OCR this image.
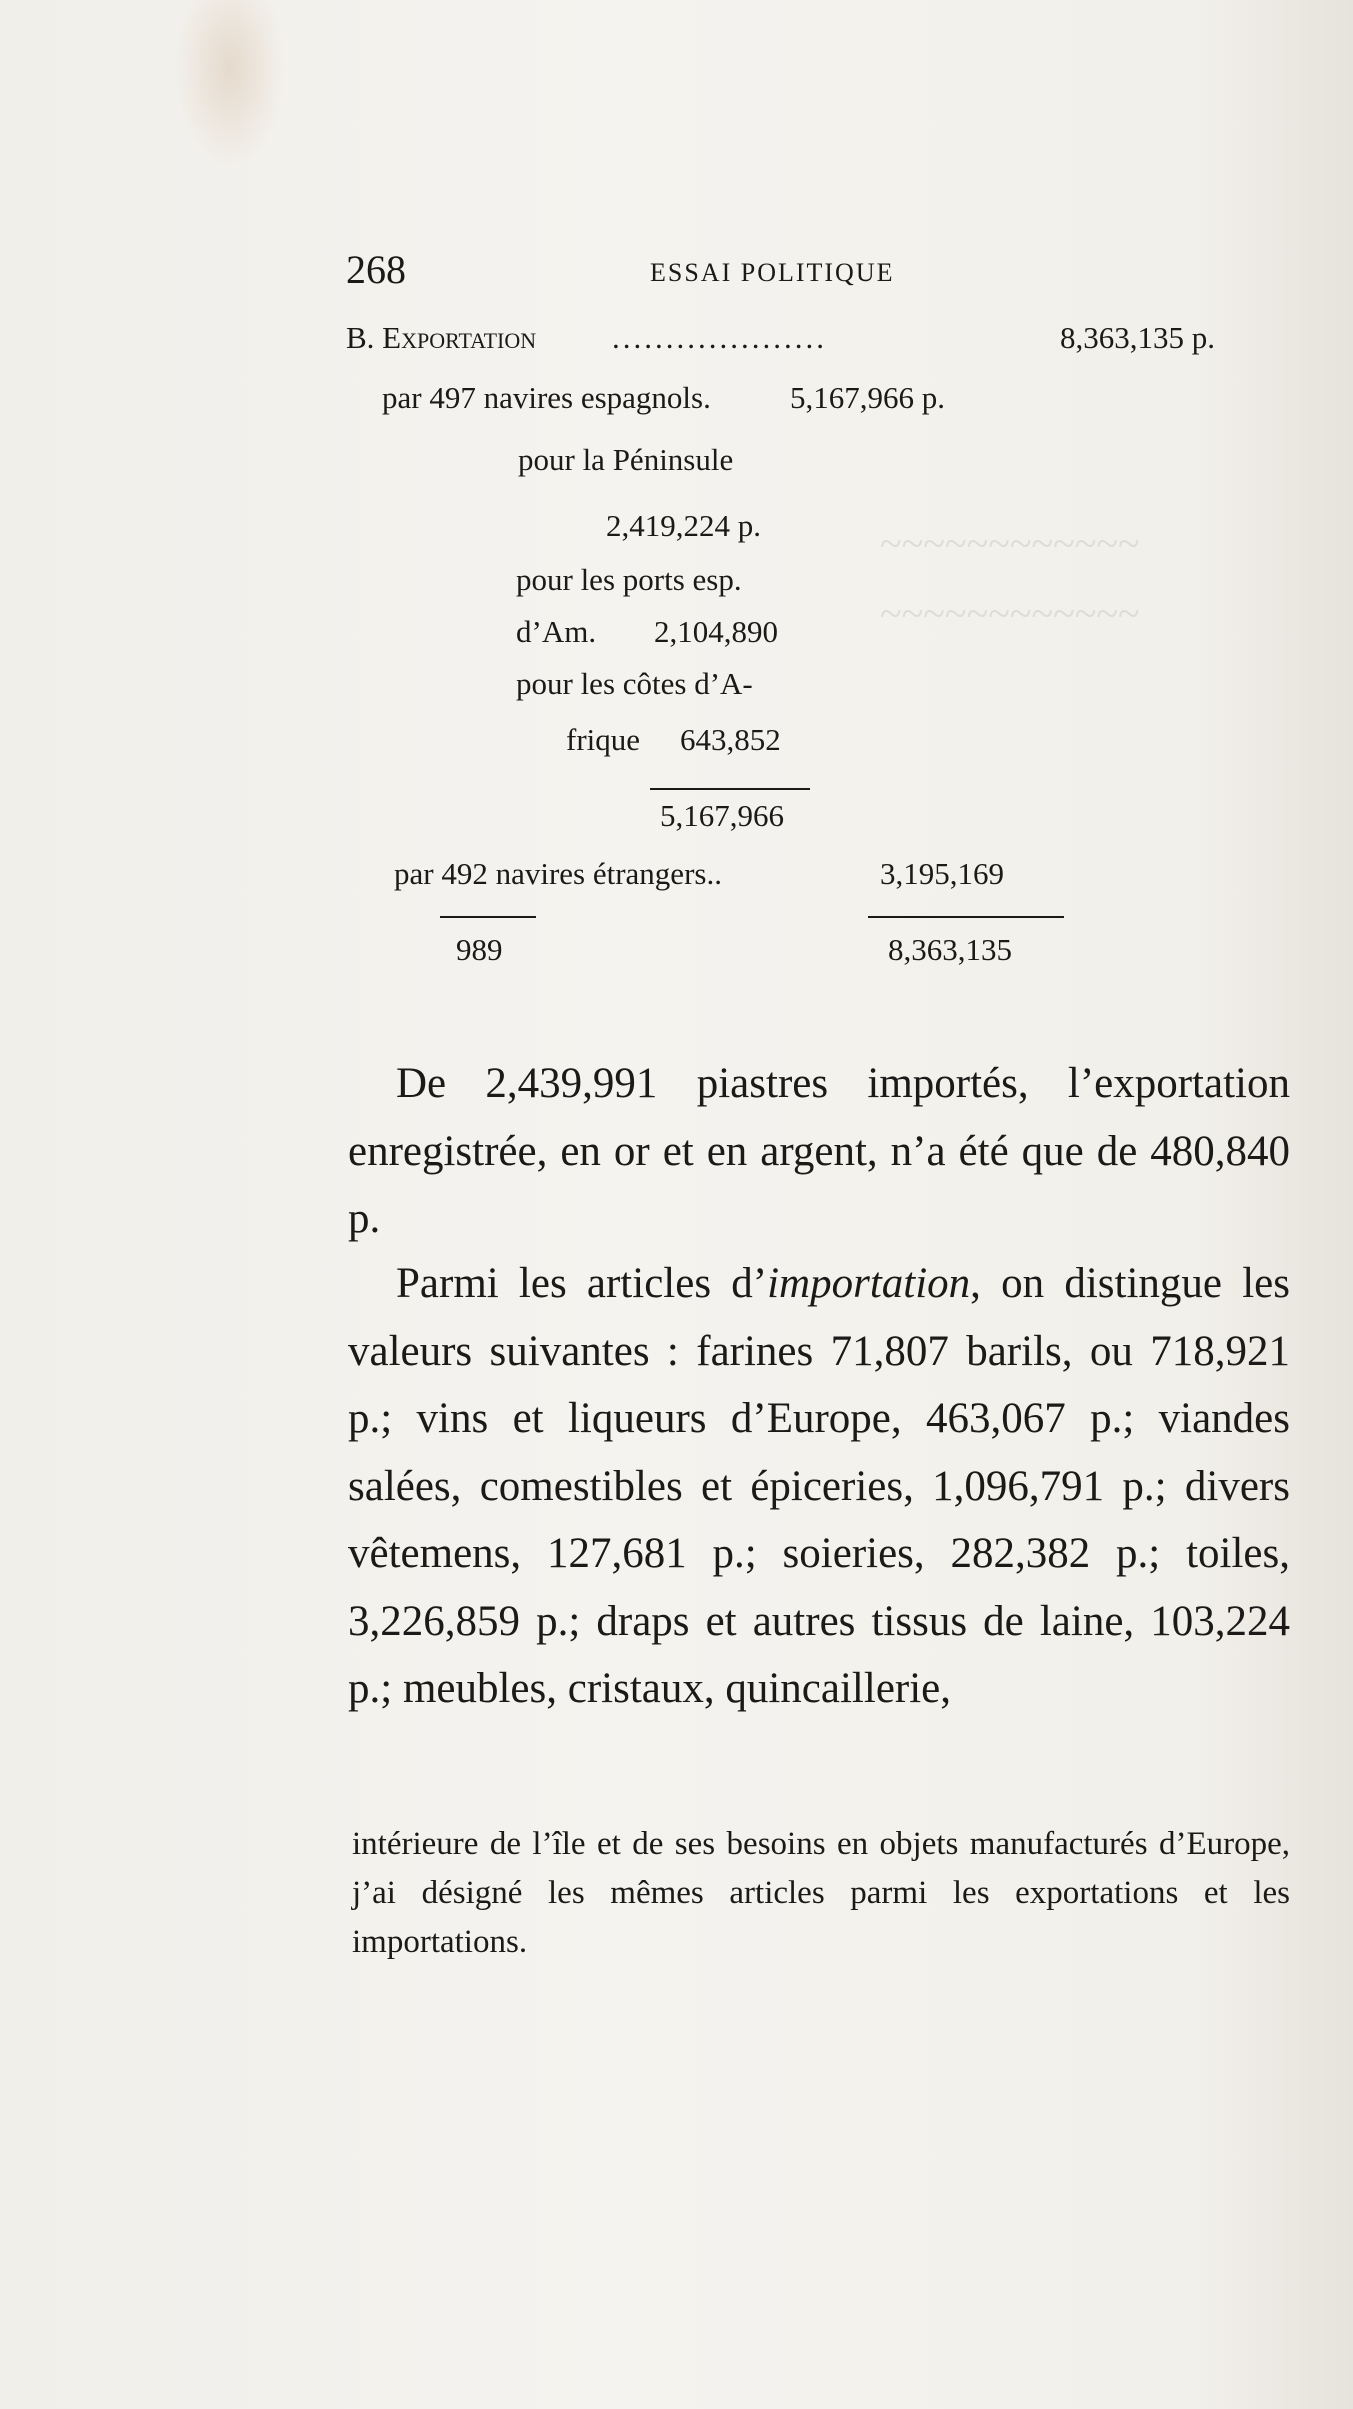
~~~~~~~~~~~~
~~~~~~~~~~~~
268	ESSAI POLITIQUE
B. Exportation ....................	8,363,135 p.
par 497 navires espagnols.	5,167,966 p.
pour la Péninsule
2,419,224 p.
pour les ports esp.
d’Am. 2,104,890
pour les côtes d’A-
frique 643,852
5,167,966
par 492 navires étrangers..	3,195,169
989	8,363,135

De 2,439,991 piastres importés, l’exportation enregistrée, en or et en argent, n’a été que de 480,840 p.

Parmi les articles d’importation, on distingue les valeurs suivantes : farines 71,807 barils, ou 718,921 p.; vins et liqueurs d’Europe, 463,067 p.; viandes salées, comestibles et épiceries, 1,096,791 p.; divers vêtemens, 127,681 p.; soieries, 282,382 p.; toiles, 3,226,859 p.; draps et autres tissus de laine, 103,224 p.; meubles, cristaux, quincaillerie,

intérieure de l’île et de ses besoins en objets manufacturés d’Europe, j’ai désigné les mêmes articles parmi les exportations et les importations.
